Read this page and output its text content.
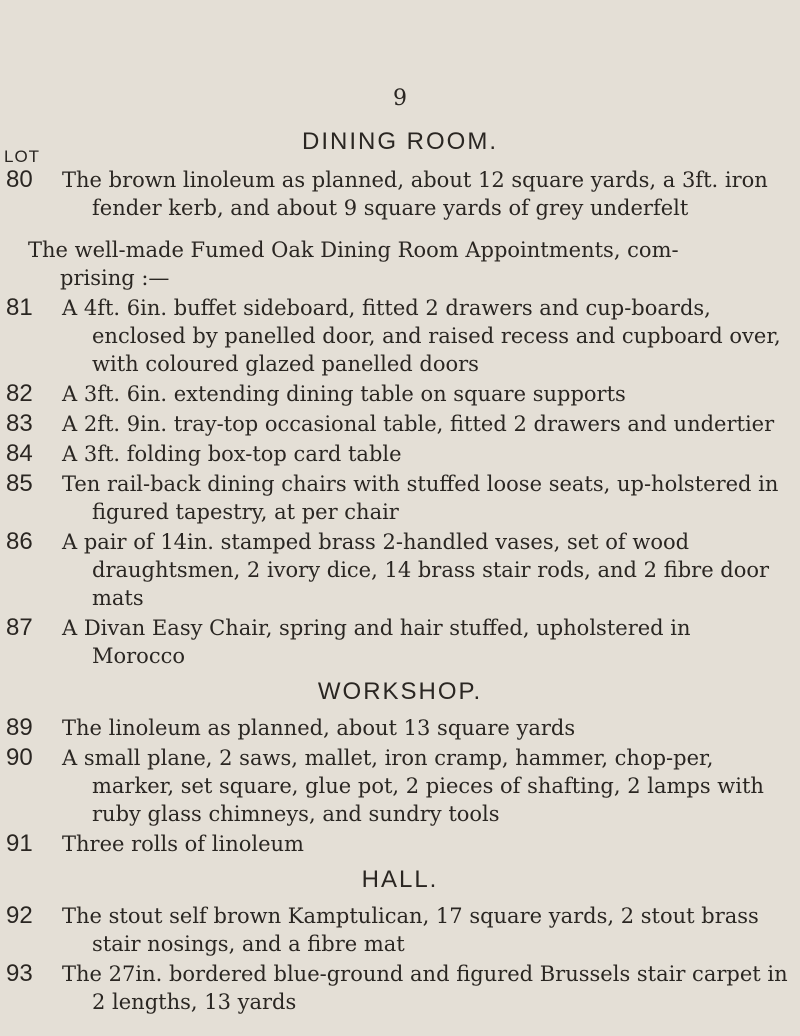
9
DINING ROOM.
LOT
80 The brown linoleum as planned, about 12 square yards, a 3ft. iron fender kerb, and about 9 square yards of grey underfelt
The well-made Fumed Oak Dining Room Appointments, com-
prising :—
81 A 4ft. 6in. buffet sideboard, fitted 2 drawers and cup-boards, enclosed by panelled door, and raised recess and cupboard over, with coloured glazed panelled doors
82 A 3ft. 6in. extending dining table on square supports
83 A 2ft. 9in. tray-top occasional table, fitted 2 drawers and undertier
84 A 3ft. folding box-top card table
85 Ten rail-back dining chairs with stuffed loose seats, up-holstered in figured tapestry, at per chair
86 A pair of 14in. stamped brass 2-handled vases, set of wood draughtsmen, 2 ivory dice, 14 brass stair rods, and 2 fibre door mats
87 A Divan Easy Chair, spring and hair stuffed, upholstered in Morocco
WORKSHOP.
89 The linoleum as planned, about 13 square yards
90 A small plane, 2 saws, mallet, iron cramp, hammer, chop-per, marker, set square, glue pot, 2 pieces of shafting, 2 lamps with ruby glass chimneys, and sundry tools
91 Three rolls of linoleum
HALL.
92 The stout self brown Kamptulican, 17 square yards, 2 stout brass stair nosings, and a fibre mat
93 The 27in. bordered blue-ground and figured Brussels stair carpet in 2 lengths, 13 yards
